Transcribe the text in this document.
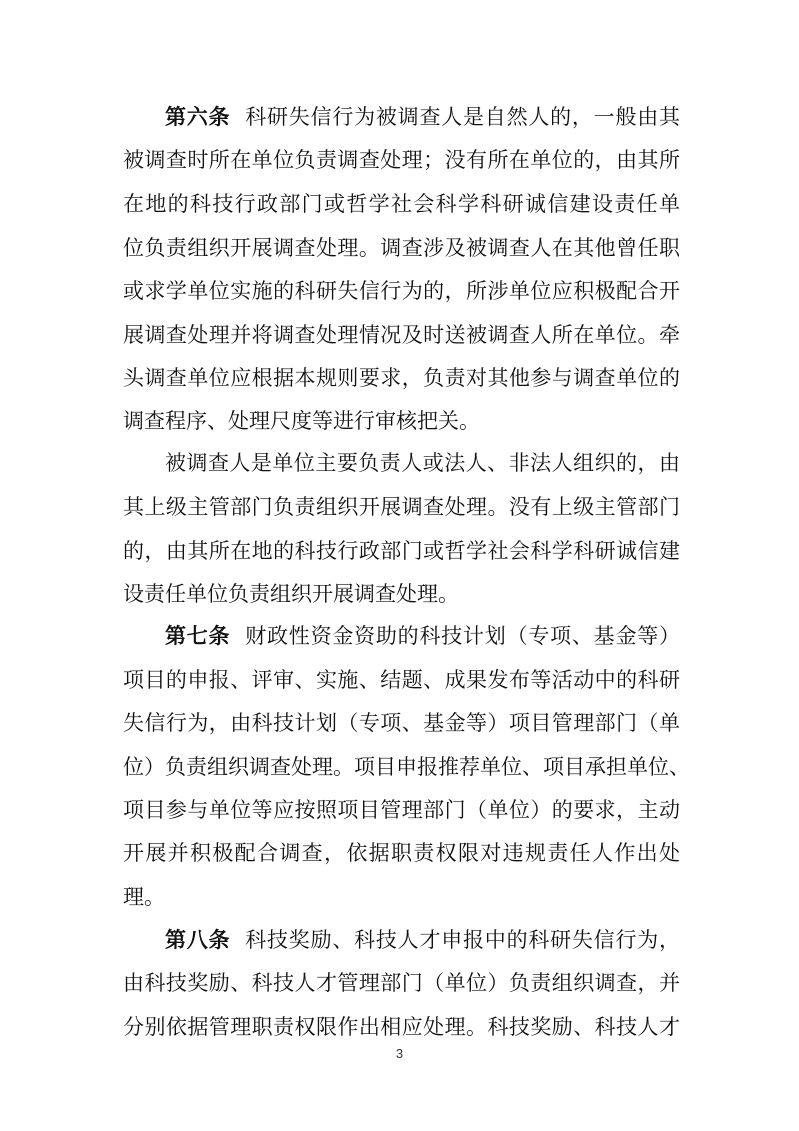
第六条 科研失信行为被调查人是自然人的，一般由其
被调查时所在单位负责调查处理；没有所在单位的，由其所
在地的科技行政部门或哲学社会科学科研诚信建设责任单
位负责组织开展调查处理。调查涉及被调查人在其他曾任职
或求学单位实施的科研失信行为的，所涉单位应积极配合开
展调查处理并将调查处理情况及时送被调查人所在单位。牵
头调查单位应根据本规则要求，负责对其他参与调查单位的
调查程序、处理尺度等进行审核把关。
被调查人是单位主要负责人或法人、非法人组织的，由
其上级主管部门负责组织开展调查处理。没有上级主管部门
的，由其所在地的科技行政部门或哲学社会科学科研诚信建
设责任单位负责组织开展调查处理。
第七条 财政性资金资助的科技计划（专项、基金等）
项目的申报、评审、实施、结题、成果发布等活动中的科研
失信行为，由科技计划（专项、基金等）项目管理部门（单
位）负责组织调查处理。项目申报推荐单位、项目承担单位、
项目参与单位等应按照项目管理部门（单位）的要求，主动
开展并积极配合调查，依据职责权限对违规责任人作出处
理。
第八条 科技奖励、科技人才申报中的科研失信行为，
由科技奖励、科技人才管理部门（单位）负责组织调查，并
分别依据管理职责权限作出相应处理。科技奖励、科技人才
3
